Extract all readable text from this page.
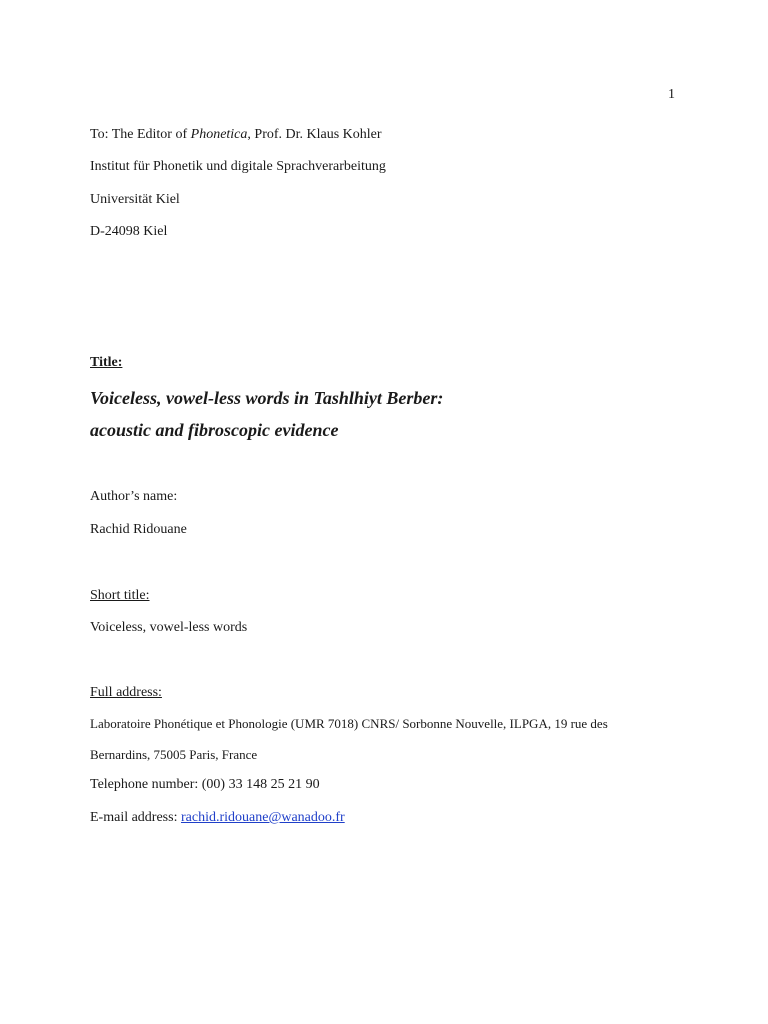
1
To: The Editor of Phonetica, Prof. Dr. Klaus Kohler
Institut für Phonetik und digitale Sprachverarbeitung
Universität Kiel
D-24098 Kiel
Title:
Voiceless, vowel-less words in Tashlhiyt Berber:
acoustic and fibroscopic evidence
Author’s name:
Rachid Ridouane
Short title:
Voiceless, vowel-less words
Full address:
Laboratoire Phonétique et Phonologie (UMR 7018) CNRS/ Sorbonne Nouvelle, ILPGA, 19 rue des
Bernardins, 75005 Paris, France
Telephone number: (00) 33 148 25 21 90
E-mail address: rachid.ridouane@wanadoo.fr
